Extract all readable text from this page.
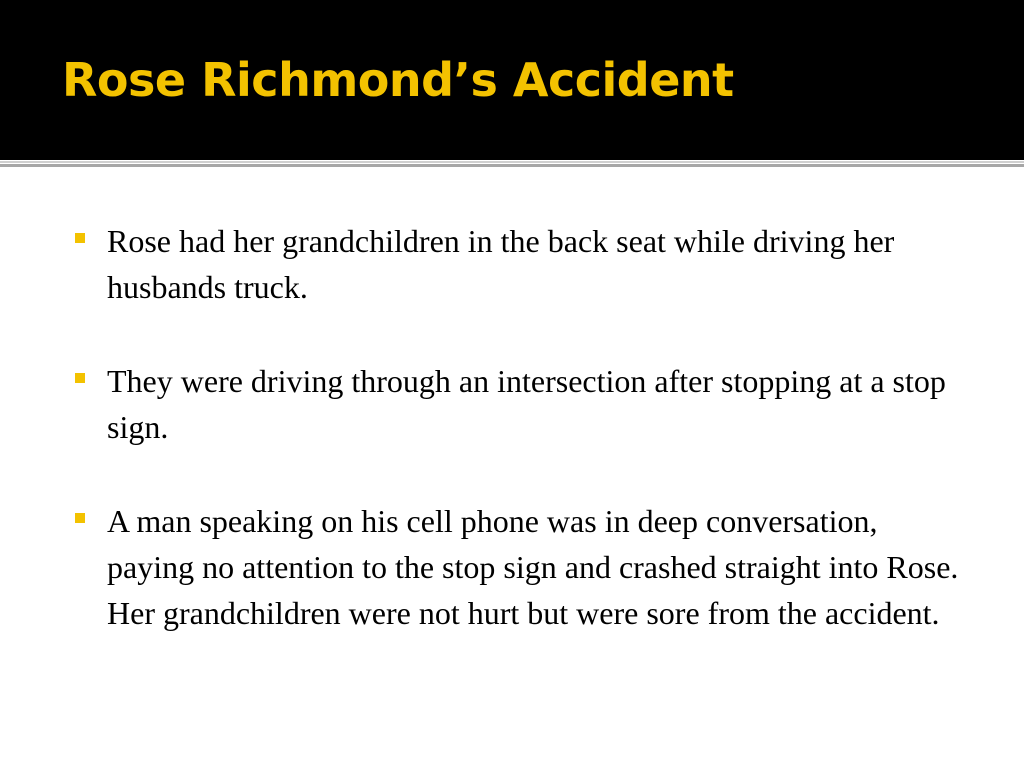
Rose Richmond’s Accident
Rose had her grandchildren in the back seat while driving her husbands truck.
They were driving through an intersection after stopping at a stop sign.
A man speaking on his cell phone was in deep conversation, paying no attention to the stop sign and crashed straight into Rose. Her grandchildren were not hurt but were sore from the accident.
